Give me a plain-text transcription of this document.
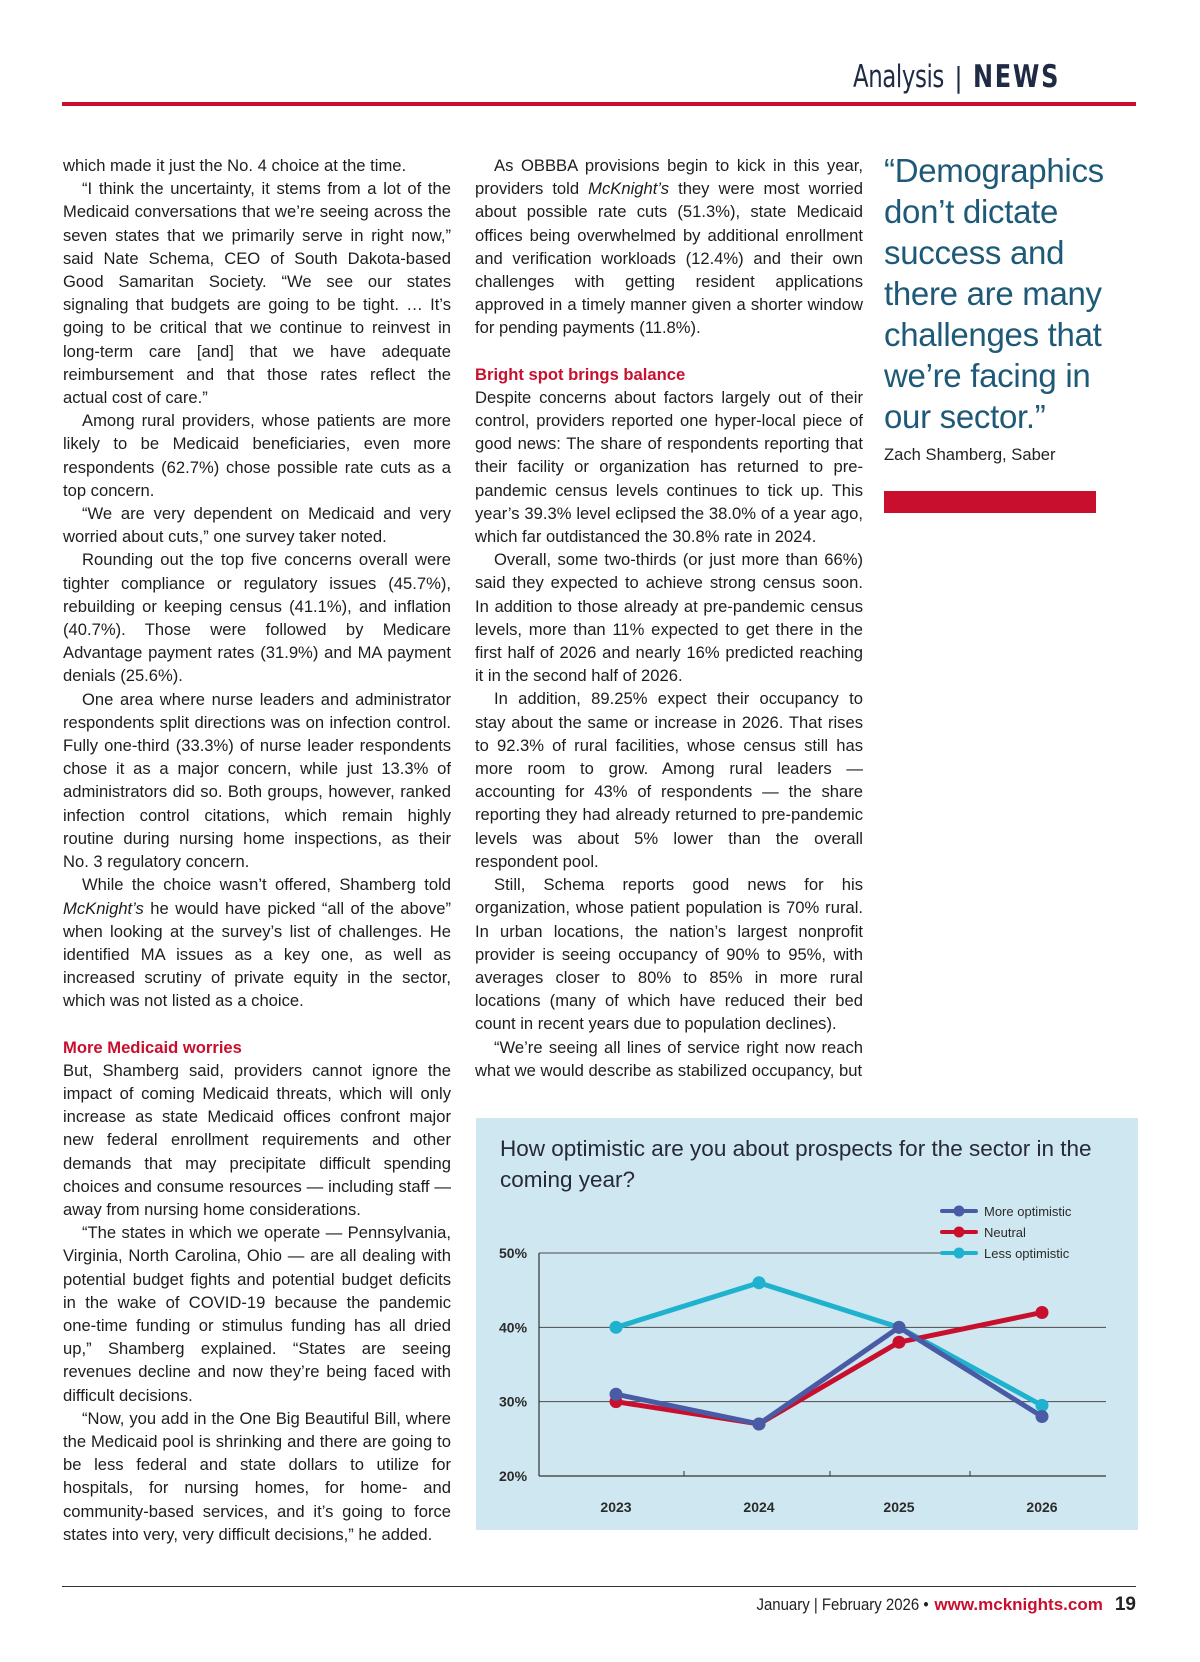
Analysis | NEWS

which made it just the No. 4 choice at the time.

“I think the uncertainty, it stems from a lot of the Medicaid conversations that we’re seeing across the seven states that we primarily serve in right now,” said Nate Schema, CEO of South Dakota-based Good Samaritan Society. “We see our states signaling that budgets are going to be tight. … It’s going to be critical that we continue to reinvest in long-term care [and] that we have adequate reimbursement and that those rates reflect the actual cost of care.”

Among rural providers, whose patients are more likely to be Medicaid beneficiaries, even more respondents (62.7%) chose possible rate cuts as a top concern.

“We are very dependent on Medicaid and very worried about cuts,” one survey taker noted.

Rounding out the top five concerns overall were tighter compliance or regulatory issues (45.7%), rebuilding or keeping census (41.1%), and inflation (40.7%). Those were followed by Medicare Advantage payment rates (31.9%) and MA payment denials (25.6%).

One area where nurse leaders and administrator respondents split directions was on infection control. Fully one-third (33.3%) of nurse leader respondents chose it as a major concern, while just 13.3% of administrators did so. Both groups, however, ranked infection control citations, which remain highly routine during nursing home inspections, as their No. 3 regulatory concern.

While the choice wasn’t offered, Shamberg told McKnight’s he would have picked “all of the above” when looking at the survey’s list of challenges. He identified MA issues as a key one, as well as increased scrutiny of private equity in the sector, which was not listed as a choice.

More Medicaid worries

But, Shamberg said, providers cannot ignore the impact of coming Medicaid threats, which will only increase as state Medicaid offices confront major new federal enrollment requirements and other demands that may precipitate difficult spending choices and consume resources — including staff — away from nursing home considerations.

“The states in which we operate — Pennsylvania, Virginia, North Carolina, Ohio — are all dealing with potential budget fights and potential budget deficits in the wake of COVID-19 because the pandemic one-time funding or stimulus funding has all dried up,” Shamberg explained. “States are seeing revenues decline and now they’re being faced with difficult decisions.

“Now, you add in the One Big Beautiful Bill, where the Medicaid pool is shrinking and there are going to be less federal and state dollars to utilize for hospitals, for nursing homes, for home- and community-based services, and it’s going to force states into very, very difficult decisions,” he added.

As OBBBA provisions begin to kick in this year, providers told McKnight’s they were most worried about possible rate cuts (51.3%), state Medicaid offices being overwhelmed by additional enrollment and verification workloads (12.4%) and their own challenges with getting resident applications approved in a timely manner given a shorter window for pending payments (11.8%).

Bright spot brings balance

Despite concerns about factors largely out of their control, providers reported one hyper-local piece of good news: The share of respondents reporting that their facility or organization has returned to pre-pandemic census levels continues to tick up. This year’s 39.3% level eclipsed the 38.0% of a year ago, which far outdistanced the 30.8% rate in 2024.

Overall, some two-thirds (or just more than 66%) said they expected to achieve strong census soon. In addition to those already at pre-pandemic census levels, more than 11% expected to get there in the first half of 2026 and nearly 16% predicted reaching it in the second half of 2026.

In addition, 89.25% expect their occupancy to stay about the same or increase in 2026. That rises to 92.3% of rural facilities, whose census still has more room to grow. Among rural leaders — accounting for 43% of respondents — the share reporting they had already returned to pre-pandemic levels was about 5% lower than the overall respondent pool.

Still, Schema reports good news for his organization, whose patient population is 70% rural. In urban locations, the nation’s largest nonprofit provider is seeing occupancy of 90% to 95%, with averages closer to 80% to 85% in more rural locations (many of which have reduced their bed count in recent years due to population declines).

“We’re seeing all lines of service right now reach what we would describe as stabilized occupancy, but

“Demographics don’t dictate success and there are many challenges that we’re facing in our sector.”
Zach Shamberg, Saber
How optimistic are you about prospects for the sector in the coming year?
20%
30%
40%
50%
2023	2024	2025	2026
More optimistic
Neutral
Less optimistic
January | February 2026 • www.mcknights.com 19
